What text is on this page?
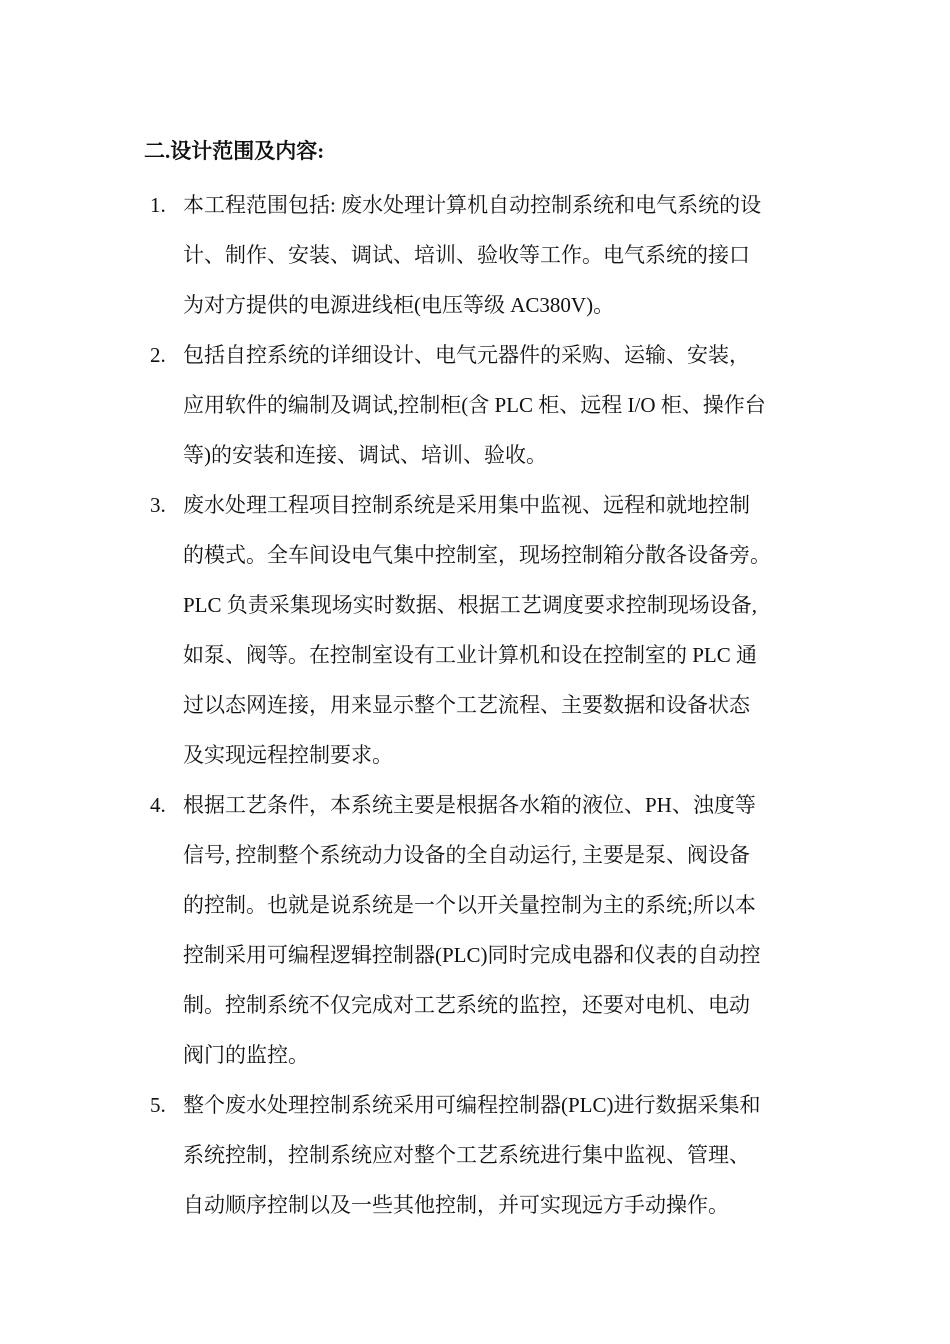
二.设计范围及内容:
1. 本工程范围包括: 废水处理计算机自动控制系统和电气系统的设
计、制作、安装、调试、培训、验收等工作。电气系统的接口
为对方提供的电源进线柜(电压等级 AC380V)。
2. 包括自控系统的详细设计、电气元器件的采购、运输、安装，
应用软件的编制及调试,控制柜(含 PLC 柜、远程 I/O 柜、操作台
等)的安装和连接、调试、培训、验收。
3. 废水处理工程项目控制系统是采用集中监视、远程和就地控制
的模式。全车间设电气集中控制室，现场控制箱分散各设备旁。
PLC 负责采集现场实时数据、根据工艺调度要求控制现场设备,
如泵、阀等。在控制室设有工业计算机和设在控制室的 PLC 通
过以态网连接，用来显示整个工艺流程、主要数据和设备状态
及实现远程控制要求。
4. 根据工艺条件，本系统主要是根据各水箱的液位、PH、浊度等
信号, 控制整个系统动力设备的全自动运行, 主要是泵、阀设备
的控制。也就是说系统是一个以开关量控制为主的系统;所以本
控制采用可编程逻辑控制器(PLC)同时完成电器和仪表的自动控
制。控制系统不仅完成对工艺系统的监控，还要对电机、电动
阀门的监控。
5. 整个废水处理控制系统采用可编程控制器(PLC)进行数据采集和
系统控制，控制系统应对整个工艺系统进行集中监视、管理、
自动顺序控制以及一些其他控制，并可实现远方手动操作。
